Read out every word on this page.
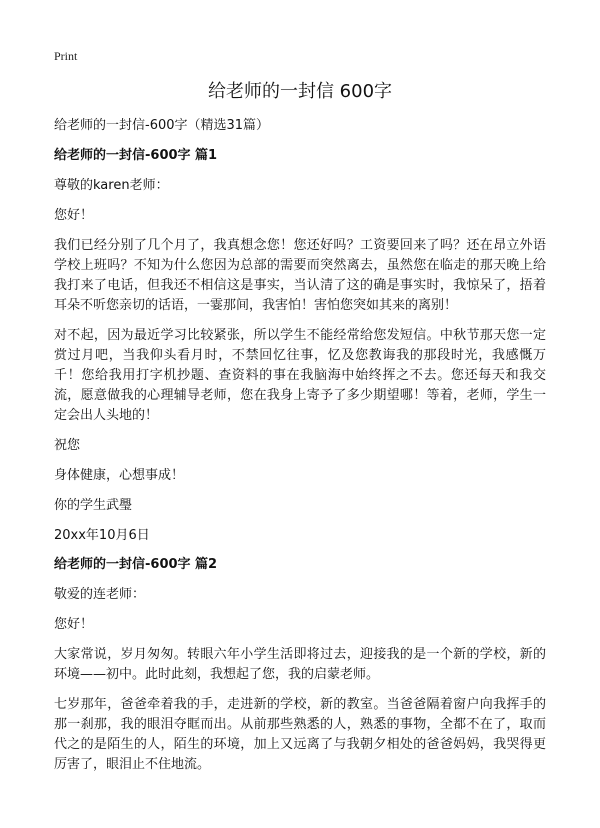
Print

给老师的一封信 600字
给老师的一封信-600字（精选31篇）
给老师的一封信-600字 篇1

尊敬的karen老师：

您好！

我们已经分别了几个月了，我真想念您！您还好吗？工资要回来了吗？还在昂立外语学校上班吗？不知为什么您因为总部的需要而突然离去，虽然您在临走的那天晚上给我打来了电话，但我还不相信这是事实，当认清了这的确是事实时，我惊呆了，捂着耳朵不听您亲切的话语，一霎那间，我害怕！害怕您突如其来的离别！

对不起，因为最近学习比较紧张，所以学生不能经常给您发短信。中秋节那天您一定赏过月吧，当我仰头看月时，不禁回忆往事，忆及您教诲我的那段时光，我感慨万千！您给我用打字机抄题、查资料的事在我脑海中始终挥之不去。您还每天和我交流，愿意做我的心理辅导老师，您在我身上寄予了多少期望哪！等着，老师，学生一定会出人头地的！

祝您

身体健康，心想事成！

你的学生武璺

20xx年10月6日

给老师的一封信-600字 篇2

敬爱的连老师：

您好！

大家常说，岁月匆匆。转眼六年小学生活即将过去，迎接我的是一个新的学校，新的环境——初中。此时此刻，我想起了您，我的启蒙老师。

七岁那年，爸爸牵着我的手，走进新的学校，新的教室。当爸爸隔着窗户向我挥手的那一刹那，我的眼泪夺眶而出。从前那些熟悉的人，熟悉的事物，全都不在了，取而代之的是陌生的人，陌生的环境，加上又远离了与我朝夕相处的爸爸妈妈，我哭得更厉害了，眼泪止不住地流。
